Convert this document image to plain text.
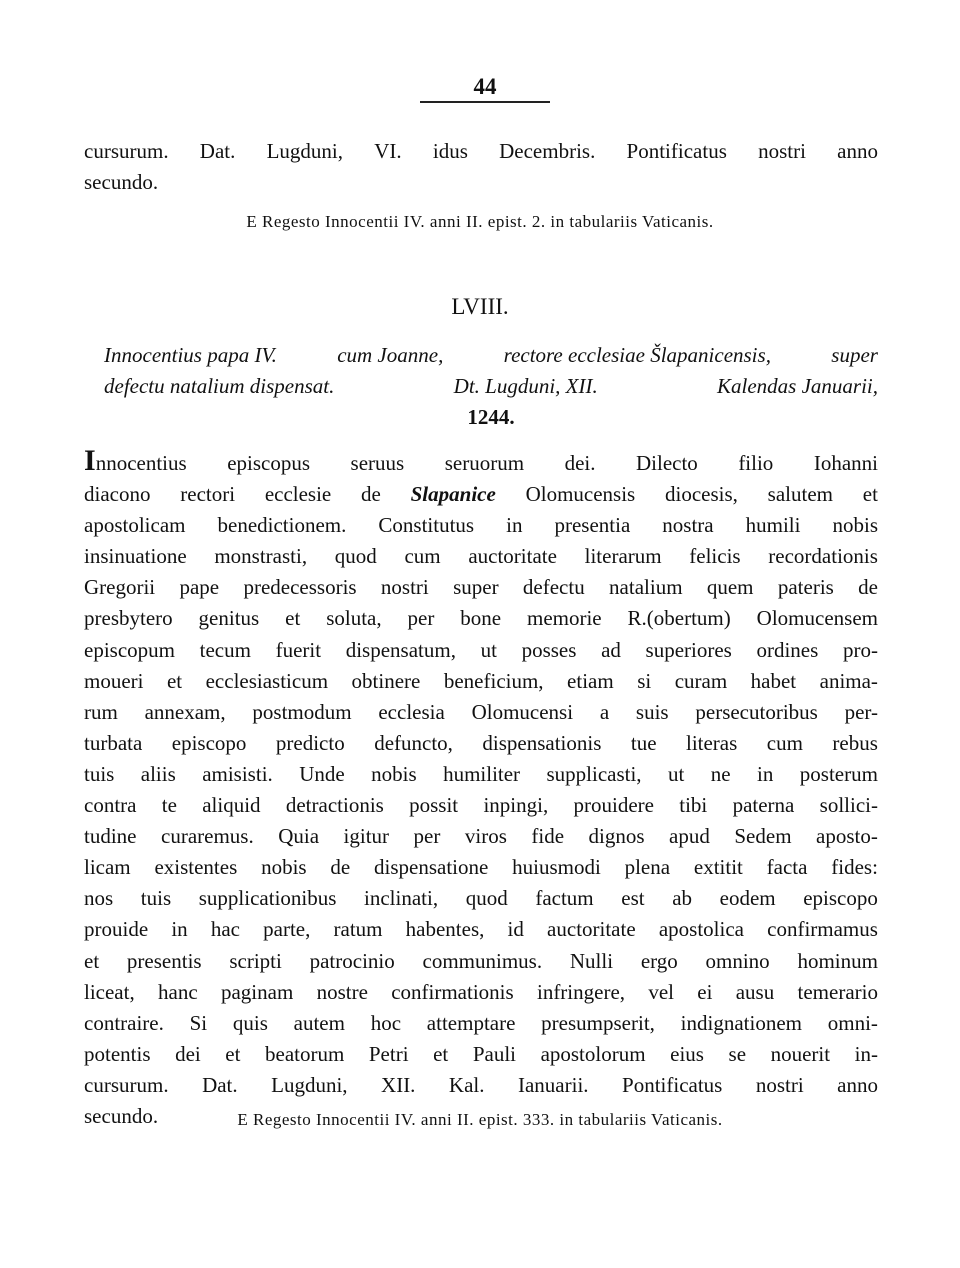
44
cursurum. Dat. Lugduni, VI. idus Decembris. Pontificatus nostri anno
secundo.
E Regesto Innocentii IV. anni II. epist. 2. in tabulariis Vaticanis.
LVIII.
Innocentius papa IV.	cum Joanne,	rectore ecclesiae Šlapanicensis,	super
defectu natalium dispensat.	Dt. Lugduni, XII.	Kalendas Januarii,
1244.
Innocentius episcopus seruus seruorum dei. Dilecto filio Iohanni
diacono rectori ecclesie de Slapanice Olomucensis diocesis, salutem et
apostolicam benedictionem. Constitutus in presentia nostra humili nobis
insinuatione monstrasti, quod cum auctoritate literarum felicis recordationis
Gregorii pape predecessoris nostri super defectu natalium quem pateris de
presbytero genitus et soluta, per bone memorie R.(obertum) Olomucensem
episcopum tecum fuerit dispensatum, ut posses ad superiores ordines pro-
moueri et ecclesiasticum obtinere beneficium, etiam si curam habet anima-
rum annexam, postmodum ecclesia Olomucensi a suis persecutoribus per-
turbata episcopo predicto defuncto, dispensationis tue literas cum rebus
tuis aliis amisisti. Unde nobis humiliter supplicasti, ut ne in posterum
contra te aliquid detractionis possit inpingi, prouidere tibi paterna sollici-
tudine curaremus. Quia igitur per viros fide dignos apud Sedem aposto-
licam existentes nobis de dispensatione huiusmodi plena extitit facta fides:
nos tuis supplicationibus inclinati, quod factum est ab eodem episcopo
prouide in hac parte, ratum habentes, id auctoritate apostolica confirmamus
et presentis scripti patrocinio communimus. Nulli ergo omnino hominum
liceat, hanc paginam nostre confirmationis infringere, vel ei ausu temerario
contraire. Si quis autem hoc attemptare presumpserit, indignationem omni-
potentis dei et beatorum Petri et Pauli apostolorum eius se nouerit in-
cursurum. Dat. Lugduni, XII. Kal. Ianuarii. Pontificatus nostri anno
secundo.	E Regesto Innocentii IV. anni II. epist. 333. in tabulariis Vaticanis.
